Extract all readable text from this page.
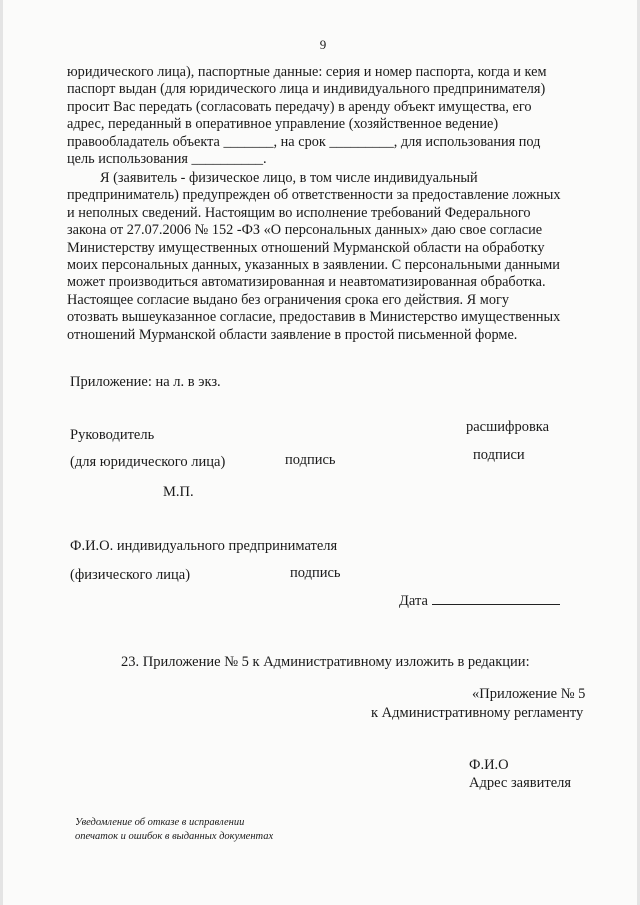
9
юридического лица), паспортные данные: серия и номер паспорта, когда и кем
паспорт выдан (для юридического лица и индивидуального предпринимателя)
просит Вас передать (согласовать передачу) в аренду объект имущества, его
адрес, переданный в оперативное управление (хозяйственное ведение)
правообладатель объекта _______, на срок _________, для использования под
цель использования __________.
Я (заявитель - физическое лицо, в том числе индивидуальный
предприниматель) предупрежден об ответственности за предоставление ложных
и неполных сведений. Настоящим во исполнение требований Федерального
закона от 27.07.2006 № 152 -ФЗ «О персональных данных» даю свое согласие
Министерству имущественных отношений Мурманской области на обработку
моих персональных данных, указанных в заявлении. С персональными данными
может производиться автоматизированная и неавтоматизированная обработка.
Настоящее согласие выдано без ограничения срока его действия. Я могу
отозвать вышеуказанное согласие, предоставив в Министерство имущественных
отношений Мурманской области заявление в простой письменной форме.
Приложение: на л. в экз.
Руководитель	расшифровка
(для юридического лица)	подпись	подписи
М.П.
Ф.И.О. индивидуального предпринимателя
(физического лица)	подпись
Дата
23. Приложение № 5 к Административному изложить в редакции:
«Приложение № 5
к Административному регламенту
Ф.И.О
Адрес заявителя
Уведомление об отказе в исправлении
опечаток и ошибок в выданных документах
